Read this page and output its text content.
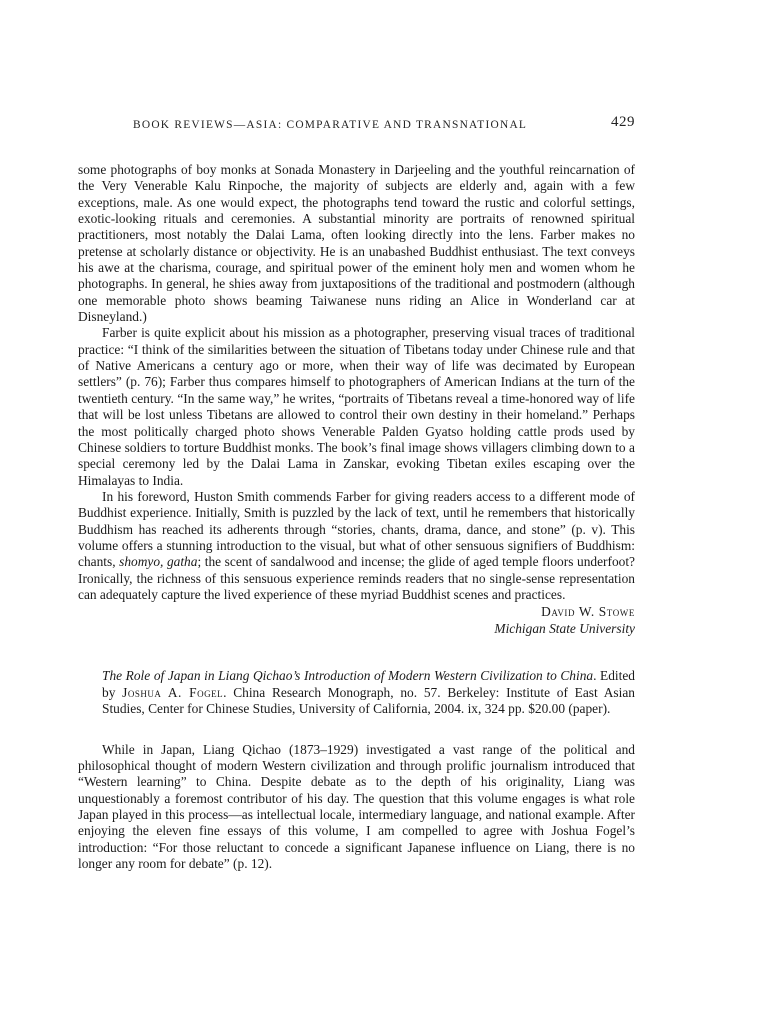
BOOK REVIEWS—ASIA: COMPARATIVE AND TRANSNATIONAL	429

some photographs of boy monks at Sonada Monastery in Darjeeling and the youthful reincarnation of the Very Venerable Kalu Rinpoche, the majority of subjects are elderly and, again with a few exceptions, male. As one would expect, the photographs tend toward the rustic and colorful settings, exotic-looking rituals and ceremonies. A substantial minority are portraits of renowned spiritual practitioners, most notably the Dalai Lama, often looking directly into the lens. Farber makes no pretense at scholarly distance or objectivity. He is an unabashed Buddhist enthusiast. The text conveys his awe at the charisma, courage, and spiritual power of the eminent holy men and women whom he photographs. In general, he shies away from juxtapositions of the traditional and postmodern (although one memorable photo shows beaming Taiwanese nuns riding an Alice in Wonderland car at Disneyland.)

Farber is quite explicit about his mission as a photographer, preserving visual traces of traditional practice: “I think of the similarities between the situation of Tibetans today under Chinese rule and that of Native Americans a century ago or more, when their way of life was decimated by European settlers” (p. 76); Farber thus compares himself to photographers of American Indians at the turn of the twentieth century. “In the same way,” he writes, “portraits of Tibetans reveal a time-honored way of life that will be lost unless Tibetans are allowed to control their own destiny in their homeland.” Perhaps the most politically charged photo shows Venerable Palden Gyatso holding cattle prods used by Chinese soldiers to torture Buddhist monks. The book’s final image shows villagers climbing down to a special ceremony led by the Dalai Lama in Zanskar, evoking Tibetan exiles escaping over the Himalayas to India.

In his foreword, Huston Smith commends Farber for giving readers access to a different mode of Buddhist experience. Initially, Smith is puzzled by the lack of text, until he remembers that historically Buddhism has reached its adherents through “stories, chants, drama, dance, and stone” (p. v). This volume offers a stunning introduction to the visual, but what of other sensuous signifiers of Buddhism: chants, shomyo, gatha; the scent of sandalwood and incense; the glide of aged temple floors underfoot? Ironically, the richness of this sensuous experience reminds readers that no single-sense representation can adequately capture the lived experience of these myriad Buddhist scenes and practices.

David W. Stowe
Michigan State University
The Role of Japan in Liang Qichao’s Introduction of Modern Western Civilization to China. Edited by Joshua A. Fogel. China Research Monograph, no. 57. Berkeley: Institute of East Asian Studies, Center for Chinese Studies, University of California, 2004. ix, 324 pp. $20.00 (paper).

While in Japan, Liang Qichao (1873–1929) investigated a vast range of the political and philosophical thought of modern Western civilization and through prolific journalism introduced that “Western learning” to China. Despite debate as to the depth of his originality, Liang was unquestionably a foremost contributor of his day. The question that this volume engages is what role Japan played in this process—as intellectual locale, intermediary language, and national example. After enjoying the eleven fine essays of this volume, I am compelled to agree with Joshua Fogel’s introduction: “For those reluctant to concede a significant Japanese influence on Liang, there is no longer any room for debate” (p. 12).
